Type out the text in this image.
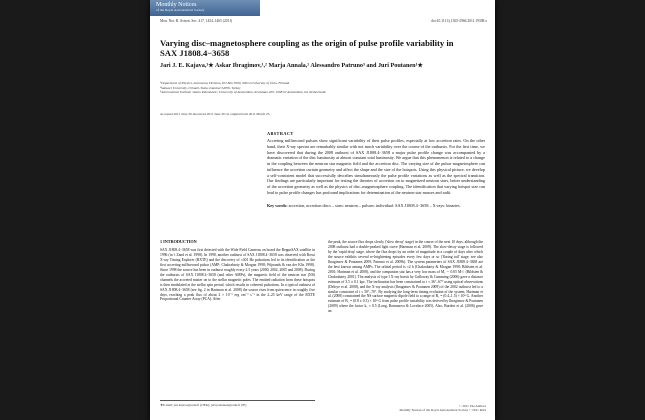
Monthly Notices
of the Royal Astronomical Society
Mon. Not. R. Astron. Soc. 417, 1454–1465 (2011)	doi:10.1111/j.1365-2966.2011.19308.x
Varying disc–magnetosphere coupling as the origin of pulse profile variability in SAX J1808.4−3658
Jari J. E. Kajava,¹★ Askar Ibragimov,¹,² Marja Annala,¹ Alessandro Patruno³ and Juri Poutanen¹★
¹Department of Physics, Astronomy Division, PO Box 3000, 90014 University of Oulu, Finland
²Sabanci University, Orhanli-Tuzla, Istanbul 34956, Turkey
³Astronomical Institute 'Anton Pannekoek', University of Amsterdam, Kruislaan 403, 1098 SJ Amsterdam, the Netherlands
Accepted 2011 June 30. Received 2011 June 30; in original form 2011 March 23
ABSTRACT
Accreting millisecond pulsars show significant variability of their pulse profiles, especially at low accretion rates. On the other hand, their X-ray spectra are remarkably similar with not much variability over the course of the outbursts. For the first time, we have discovered that during the 2008 outburst of SAX J1808.4−3658 a major pulse profile change was accompanied by a dramatic variation of the disc luminosity at almost constant total luminosity. We argue that this phenomenon is related to a change in the coupling between the neutron star magnetic field and the accretion disc. The varying size of the pulsar magnetosphere can influence the accretion curtain geometry and affect the shape and the size of the hotspots. Using this physical picture, we develop a self-consistent model that successfully describes simultaneously the pulse profile variations as well as the spectral transition. Our findings are particularly important for testing the theories of accretion on to magnetized neutron stars, better understanding of the accretion geometry as well as the physics of disc–magnetosphere coupling. The identification that varying hotspot size can lead to pulse profile changes has profound implications for determination of the neutron star masses and radii.
Key words: accretion, accretion discs – stars: neutron – pulsars: individual: SAX J1808.4−3658 – X-rays: binaries.
1 INTRODUCTION

SAX J1808.4−3658 was first detected with the Wide Field Cameras on board the BeppoSAX satellite in 1996 (in 't Zand et al. 1998). In 1998, another outburst of SAX J1808.4−3658 was observed with Rossi X-ray Timing Explorer (RXTE) and the discovery of ≈401 Hz pulsations led to its identification as the first accreting millisecond pulsar (AMP; Chakrabarty & Morgan 1998; Wijnands & van der Klis 1998). Since 1998 the source has been in outburst roughly every 2.5 years (2000, 2002, 2005 and 2008). During the outbursts of SAX J1808.4−3658 (and other AMPs), the magnetic field of the neutron star (NS) channels the accreted matter on to the stellar magnetic poles. The emitted radiation from these hotspots is then modulated at the stellar spin period, which results in coherent pulsations. In a typical outburst of SAX J1808.4−3658 (see fig. 2 in Hartman et al. 2008) the source rises from quiescence in roughly five days, reaching a peak flux of about 2 × 10⁻⁹ erg cm⁻² s⁻¹ in the 2–25 keV range of the RXTE Proportional Counter Array (PCA). After

the peak, the source flux drops slowly ('slow decay' stage) in the course of the next 10 days, although the 2008 outburst had a double-peaked light curve (Hartman et al. 2009). The slow-decay stage is followed by the 'rapid drop' stage, where the flux drops by an order of magnitude in a couple of days after which the source exhibits several re-brightening episodes every few days or so ('flaring tail' stage; see also Ibragimov & Poutanen 2009; Patruno et al. 2009b). The system parameters of SAX J1808.4−3658 are the best known among AMPs. The orbital period is ≈2 h (Chakrabarty & Morgan 1998; Bildsten et al. 2001; Hartman et al. 2008), and the companion star has a very low mass of M꜀ ∼ 0.05 M☉ (Bildsten & Chakrabarty 2001). The analysis of type I X-ray bursts by Galloway & Cumming (2006) gave a distance estimate of 3.5 ± 0.1 kpc. The inclination has been constrained to i ≈ 36°–67° using optical observations (Deloye et al. 2008), and the X-ray analysis (Ibragimov & Poutanen 2009) of the 2002 outburst led to a similar constraint of i ≈ 50°–70°. By studying the long-term timing evolution of the system, Hartman et al. (2008) constrained the NS surface magnetic dipole field to a range of B꜀ = (0.4–1.5) × 10⁸ G. Another estimate of B꜀ = (0.8 ± 0.3) × 10⁸ G from pulse profile variability was derived by Ibragimov & Poutanen (2009) where the factor k꜀ ≈ 0.5 (Long, Romanova & Lovelace 2005). Also, Burderi et al. (2006) gave an

★E-mail: jari.kajava@oulu.fi (JJEK); juri.poutanen@oulu.fi (JP)	© 2011 The Authors
Monthly Notices of the Royal Astronomical Society © 2011 RAS
